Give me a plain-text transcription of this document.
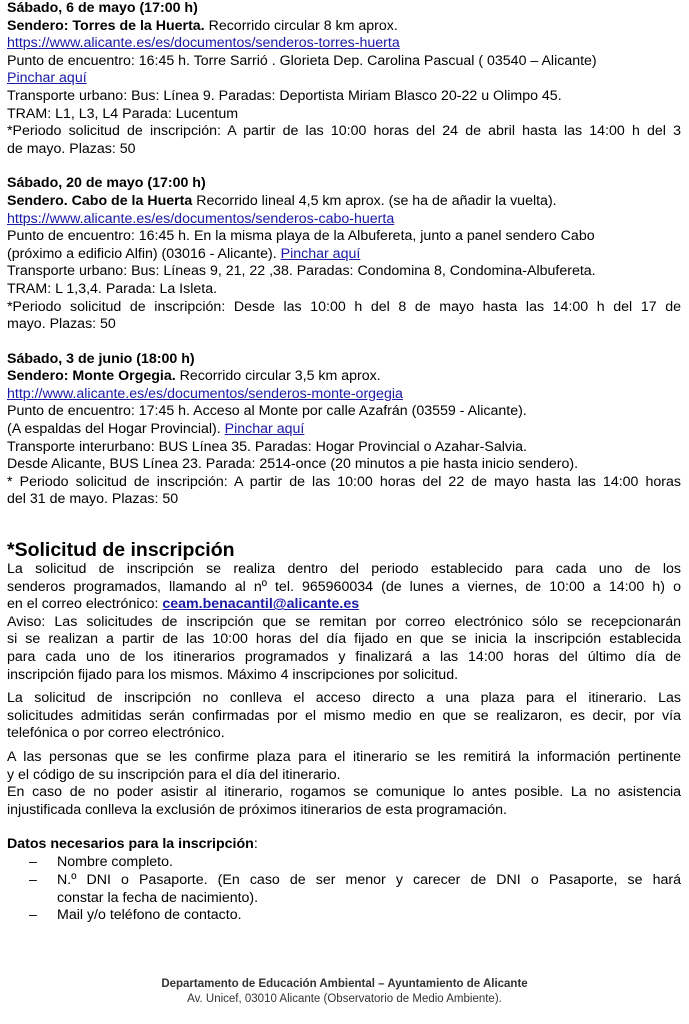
Sábado, 6 de mayo (17:00 h)
Sendero: Torres de la Huerta. Recorrido circular 8 km aprox.
https://www.alicante.es/es/documentos/senderos-torres-huerta
Punto de encuentro: 16:45 h. Torre Sarrió . Glorieta Dep. Carolina Pascual ( 03540 – Alicante)
Pinchar aquí
Transporte urbano: Bus: Línea 9. Paradas: Deportista Miriam Blasco 20-22 u Olimpo 45.
TRAM: L1, L3, L4 Parada: Lucentum
*Periodo solicitud de inscripción: A partir de las 10:00 horas del 24 de abril hasta las 14:00 h del 3
de mayo. Plazas: 50
Sábado, 20 de mayo (17:00 h)
Sendero. Cabo de la Huerta Recorrido lineal 4,5 km aprox. (se ha de añadir la vuelta).
https://www.alicante.es/es/documentos/senderos-cabo-huerta
Punto de encuentro: 16:45 h. En la misma playa de la Albufereta, junto a panel sendero Cabo
(próximo a edificio Alfin) (03016 - Alicante). Pinchar aquí
Transporte urbano: Bus: Líneas 9, 21, 22 ,38. Paradas: Condomina 8, Condomina-Albufereta.
TRAM: L 1,3,4. Parada: La Isleta.
*Periodo solicitud de inscripción: Desde las 10:00 h del 8 de mayo hasta las 14:00 h del 17 de
mayo. Plazas: 50
Sábado, 3 de junio (18:00 h)
Sendero: Monte Orgegia. Recorrido circular 3,5 km aprox.
http://www.alicante.es/es/documentos/senderos-monte-orgegia
Punto de encuentro: 17:45 h. Acceso al Monte por calle Azafrán (03559 - Alicante).
(A espaldas del Hogar Provincial). Pinchar aquí
Transporte interurbano: BUS Línea 35. Paradas: Hogar Provincial o Azahar-Salvia.
Desde Alicante, BUS Línea 23. Parada: 2514-once (20 minutos a pie hasta inicio sendero).
* Periodo solicitud de inscripción: A partir de las 10:00 horas del 22 de mayo hasta las 14:00 horas
del 31 de mayo. Plazas: 50
*Solicitud de inscripción
La solicitud de inscripción se realiza dentro del periodo establecido para cada uno de los
senderos programados, llamando al nº tel. 965960034 (de lunes a viernes, de 10:00 a 14:00 h) o
en el correo electrónico: ceam.benacantil@alicante.es
Aviso: Las solicitudes de inscripción que se remitan por correo electrónico sólo se recepcionarán
si se realizan a partir de las 10:00 horas del día fijado en que se inicia la inscripción establecida
para cada uno de los itinerarios programados y finalizará a las 14:00 horas del último día de
inscripción fijado para los mismos. Máximo 4 inscripciones por solicitud.
La solicitud de inscripción no conlleva el acceso directo a una plaza para el itinerario. Las
solicitudes admitidas serán confirmadas por el mismo medio en que se realizaron, es decir, por vía
telefónica o por correo electrónico.
A las personas que se les confirme plaza para el itinerario se les remitirá la información pertinente
y el código de su inscripción para el día del itinerario.
En caso de no poder asistir al itinerario, rogamos se comunique lo antes posible. La no asistencia
injustificada conlleva la exclusión de próximos itinerarios de esta programación.
Datos necesarios para la inscripción:
– Nombre completo.
– N.º DNI o Pasaporte. (En caso de ser menor y carecer de DNI o Pasaporte, se hará
constar la fecha de nacimiento).
– Mail y/o teléfono de contacto.
Departamento de Educación Ambiental – Ayuntamiento de Alicante
Av. Unicef, 03010 Alicante (Observatorio de Medio Ambiente).
